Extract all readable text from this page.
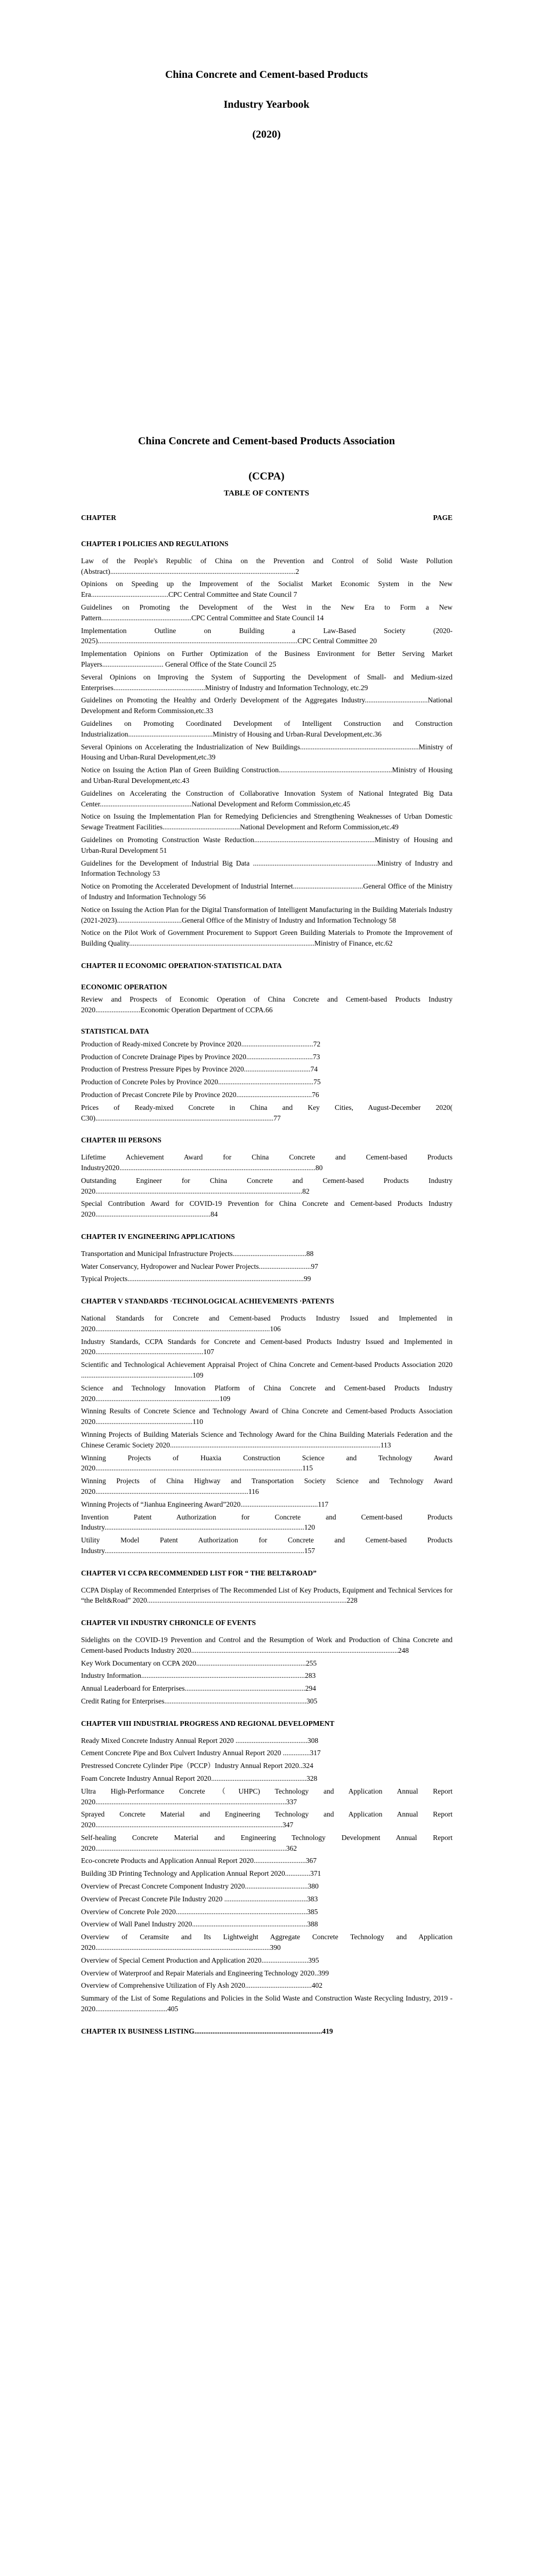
China Concrete and Cement-based Products
Industry Yearbook
(2020)
China Concrete and Cement-based Products Association
(CCPA)
TABLE OF CONTENTS
CHAPTER	PAGE
CHAPTER I POLICIES AND REGULATIONS
Law of the People's Republic of China on the Prevention and Control of Solid Waste Pollution (Abstract).......................................................................................................2
Opinions on Speeding up the Improvement of the Socialist Market Economic System in the New Era...........................................CPC Central Committee and State Council 7
Guidelines on Promoting the Development of the West in the New Era to Form a New Pattern..................................................CPC Central Committee and State Council 14
Implementation Outline on Building a Law-Based Society (2020-2025)...............................................................................................................CPC Central Committee 20
Implementation Opinions on Further Optimization of the Business Environment for Better Serving Market Players.................................. General Office of the State Council 25
Several Opinions on Improving the System of Supporting the Development of Small- and Medium-sized Enterprises...................................................Ministry of Industry and Information Technology, etc.29
Guidelines on Promoting the Healthy and Orderly Development of the Aggregates Industry...................................National Development and Reform Commission,etc.33
Guidelines on Promoting Coordinated Development of Intelligent Construction and Construction Industrialization...............................................Ministry of Housing and Urban-Rural Development,etc.36
Several Opinions on Accelerating the Industrialization of New Buildings..................................................................Ministry of Housing and Urban-Rural Development,etc.39
Notice on Issuing the Action Plan of Green Building Construction...............................................................Ministry of Housing and Urban-Rural Development,etc.43
Guidelines on Accelerating the Construction of Collaborative Innovation System of National Integrated Big Data Center...................................................National Development and Reform Commission,etc.45
Notice on Issuing the Implementation Plan for Remedying Deficiencies and Strengthening Weaknesses of Urban Domestic Sewage Treatment Facilities...........................................National Development and Reform Commission,etc.49
Guidelines on Promoting Construction Waste Reduction...................................................................Ministry of Housing and Urban-Rural Development 51
Guidelines for the Development of Industrial Big Data .....................................................................Ministry of Industry and Information Technology 53
Notice on Promoting the Accelerated Development of Industrial Internet.......................................General Office of the Ministry of Industry and Information Technology 56
Notice on Issuing the Action Plan for the Digital Transformation of Intelligent Manufacturing in the Building Materials Industry (2021-2023)....................................General Office of the Ministry of Industry and Information Technology 58
Notice on the Pilot Work of Government Procurement to Support Green Building Materials to Promote the Improvement of Building Quality.......................................................................................................Ministry of Finance, etc.62
CHAPTER II ECONOMIC OPERATION·STATISTICAL DATA
ECONOMIC OPERATION
Review and Prospects of Economic Operation of China Concrete and Cement-based Products Industry 2020.........................Economic Operation Department of CCPA.66
STATISTICAL DATA
Production of Ready-mixed Concrete by Province 2020........................................72
Production of Concrete Drainage Pipes by Province 2020.....................................73
Production of Prestress Pressure Pipes by Province 2020.....................................74
Production of Concrete Poles by Province 2020.....................................................75
Production of Precast Concrete Pile by Province 2020..........................................76
Prices of Ready-mixed Concrete in China and Key Cities, August-December 2020( C30)...................................................................................................77
CHAPTER III PERSONS
Lifetime Achievement Award for China Concrete and Cement-based Products Industry2020.............................................................................................................80
Outstanding Engineer for China Concrete and Cement-based Products Industry 2020...................................................................................................................82
Special Contribution Award for COVID-19 Prevention for China Concrete and Cement-based Products Industry 2020................................................................84
CHAPTER IV ENGINEERING APPLICATIONS
Transportation and Municipal Infrastructure Projects.........................................88
Water Conservancy, Hydropower and Nuclear Power Projects.............................97
Typical Projects..................................................................................................99
CHAPTER V STANDARDS ·TECHNOLOGICAL ACHIEVEMENTS ·PATENTS
National Standards for Concrete and Cement-based Products Industry Issued and Implemented in 2020.................................................................................................106
Industry Standards, CCPA Standards for Concrete and Cement-based Products Industry Issued and Implemented in 2020............................................................107
Scientific and Technological Achievement Appraisal Project of China Concrete and Cement-based Products Association 2020 ..............................................................109
Science and Technology Innovation Platform of China Concrete and Cement-based Products Industry 2020.....................................................................109
Winning Results of Concrete Science and Technology Award of China Concrete and Cement-based Products Association 2020......................................................110
Winning Projects of Building Materials Science and Technology Award for the China Building Materials Federation and the Chinese Ceramic Society 2020.....................................................................................................................113
Winning Projects of Huaxia Construction Science and Technology Award 2020...................................................................................................................115
Winning Projects of China Highway and Transportation Society Science and Technology Award 2020.....................................................................................116
Winning Projects of “Jianhua Engineering Award”2020...........................................117
Invention Patent Authorization for Concrete and Cement-based Products Industry...............................................................................................................120
Utility Model Patent Authorization for Concrete and Cement-based Products Industry...............................................................................................................157
CHAPTER VI CCPA RECOMMENDED LIST FOR “ THE BELT&ROAD”
CCPA Display of Recommended Enterprises of The Recommended List of Key Products, Equipment and Technical Services for “the Belt&Road” 2020...............................................................................................................228
CHAPTER VII INDUSTRY CHRONICLE OF EVENTS
Sidelights on the COVID-19 Prevention and Control and the Resumption of Work and Production of China Concrete and Cement-based Products Industry 2020...................................................................................................................248
Key Work Documentary on CCPA 2020.............................................................255
Industry Information...........................................................................................283
Annual Leaderboard for Enterprises...................................................................294
Credit Rating for Enterprises...............................................................................305
CHAPTER VIII INDUSTRIAL PROGRESS AND REGIONAL DEVELOPMENT
Ready Mixed Concrete Industry Annual Report 2020 ........................................308
Cement Concrete Pipe and Box Culvert Industry Annual Report 2020 ...............317
Prestressed Concrete Cylinder Pipe（PCCP）Industry Annual Report 2020..324
Foam Concrete Industry Annual Report 2020.....................................................328
Ultra High-Performance Concrete（UHPC) Technology and Application Annual Report 2020..........................................................................................................337
Sprayed Concrete Material and Engineering Technology and Application Annual Report 2020........................................................................................................347
Self-healing Concrete Material and Engineering Technology Development Annual Report 2020..........................................................................................................362
Eco-concrete Products and Application Annual Report 2020.............................367
Building 3D Printing Technology and Application Annual Report 2020..............371
Overview of Precast Concrete Component Industry 2020...................................380
Overview of Precast Concrete Pile Industry 2020 ..............................................383
Overview of Concrete Pole 2020.........................................................................385
Overview of Wall Panel Industry 2020................................................................388
Overview of Ceramsite and Its Lightweight Aggregate Concrete Technology and Application 2020.................................................................................................390
Overview of Special Cement Production and Application 2020..........................395
Overview of Waterproof and Repair Materials and Engineering Technology 2020..399
Overview of Comprehensive Utilization of Fly Ash 2020.....................................402
Summary of the List of Some Regulations and Policies in the Solid Waste and Construction Waste Recycling Industry, 2019 - 2020........................................405
CHAPTER IX BUSINESS LISTING.......................................................................419
